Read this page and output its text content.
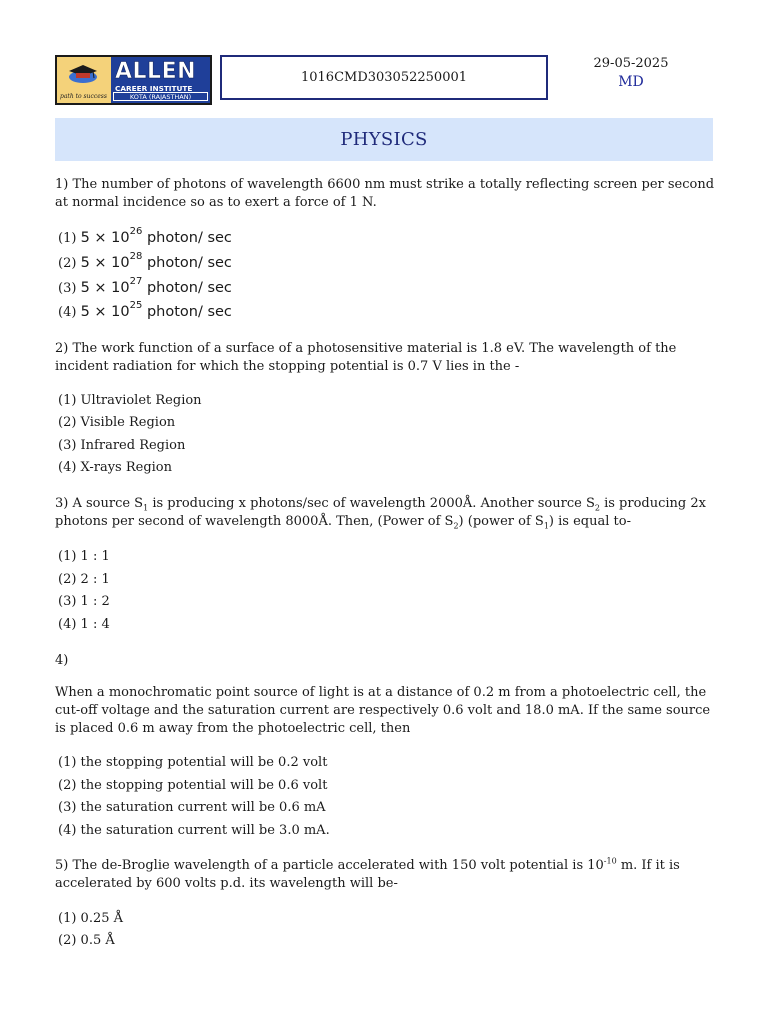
path to success
ALLEN
CAREER INSTITUTE
KOTA (RAJASTHAN)
1016CMD303052250001
29-05-2025
MD
PHYSICS
1) The number of photons of wavelength 6600 nm must strike a totally reflecting screen per second at normal incidence so as to exert a force of 1 N.
(1) $5 \times 10^{26}$ photon/ sec
(2) $5 \times 10^{28}$ photon/ sec
(3) $5 \times 10^{27}$ photon/ sec
(4) $5 \times 10^{25}$ photon/ sec
2) The work function of a surface of a photosensitive material is 1.8 eV. The wavelength of the incident radiation for which the stopping potential is 0.7 V lies in the -
(1) Ultraviolet Region
(2) Visible Region
(3) Infrared Region
(4) X-rays Region
3) A source $S_1$ is producing x photons/sec of wavelength 2000Å. Another source $S_2$ is producing 2x photons per second of wavelength 8000Å. Then, (Power of $S_2$) (power of $S_1$) is equal to-
(1) 1 : 1
(2) 2 : 1
(3) 1 : 2
(4) 1 : 4
4)
When a monochromatic point source of light is at a distance of 0.2 m from a photoelectric cell, the cut-off voltage and the saturation current are respectively 0.6 volt and 18.0 mA. If the same source is placed 0.6 m away from the photoelectric cell, then
(1) the stopping potential will be 0.2 volt
(2) the stopping potential will be 0.6 volt
(3) the saturation current will be 0.6 mA
(4) the saturation current will be 3.0 mA.
5) The de-Broglie wavelength of a particle accelerated with 150 volt potential is $10^{-10}$ m. If it is accelerated by 600 volts p.d. its wavelength will be-
(1) 0.25 Å
(2) 0.5 Å
